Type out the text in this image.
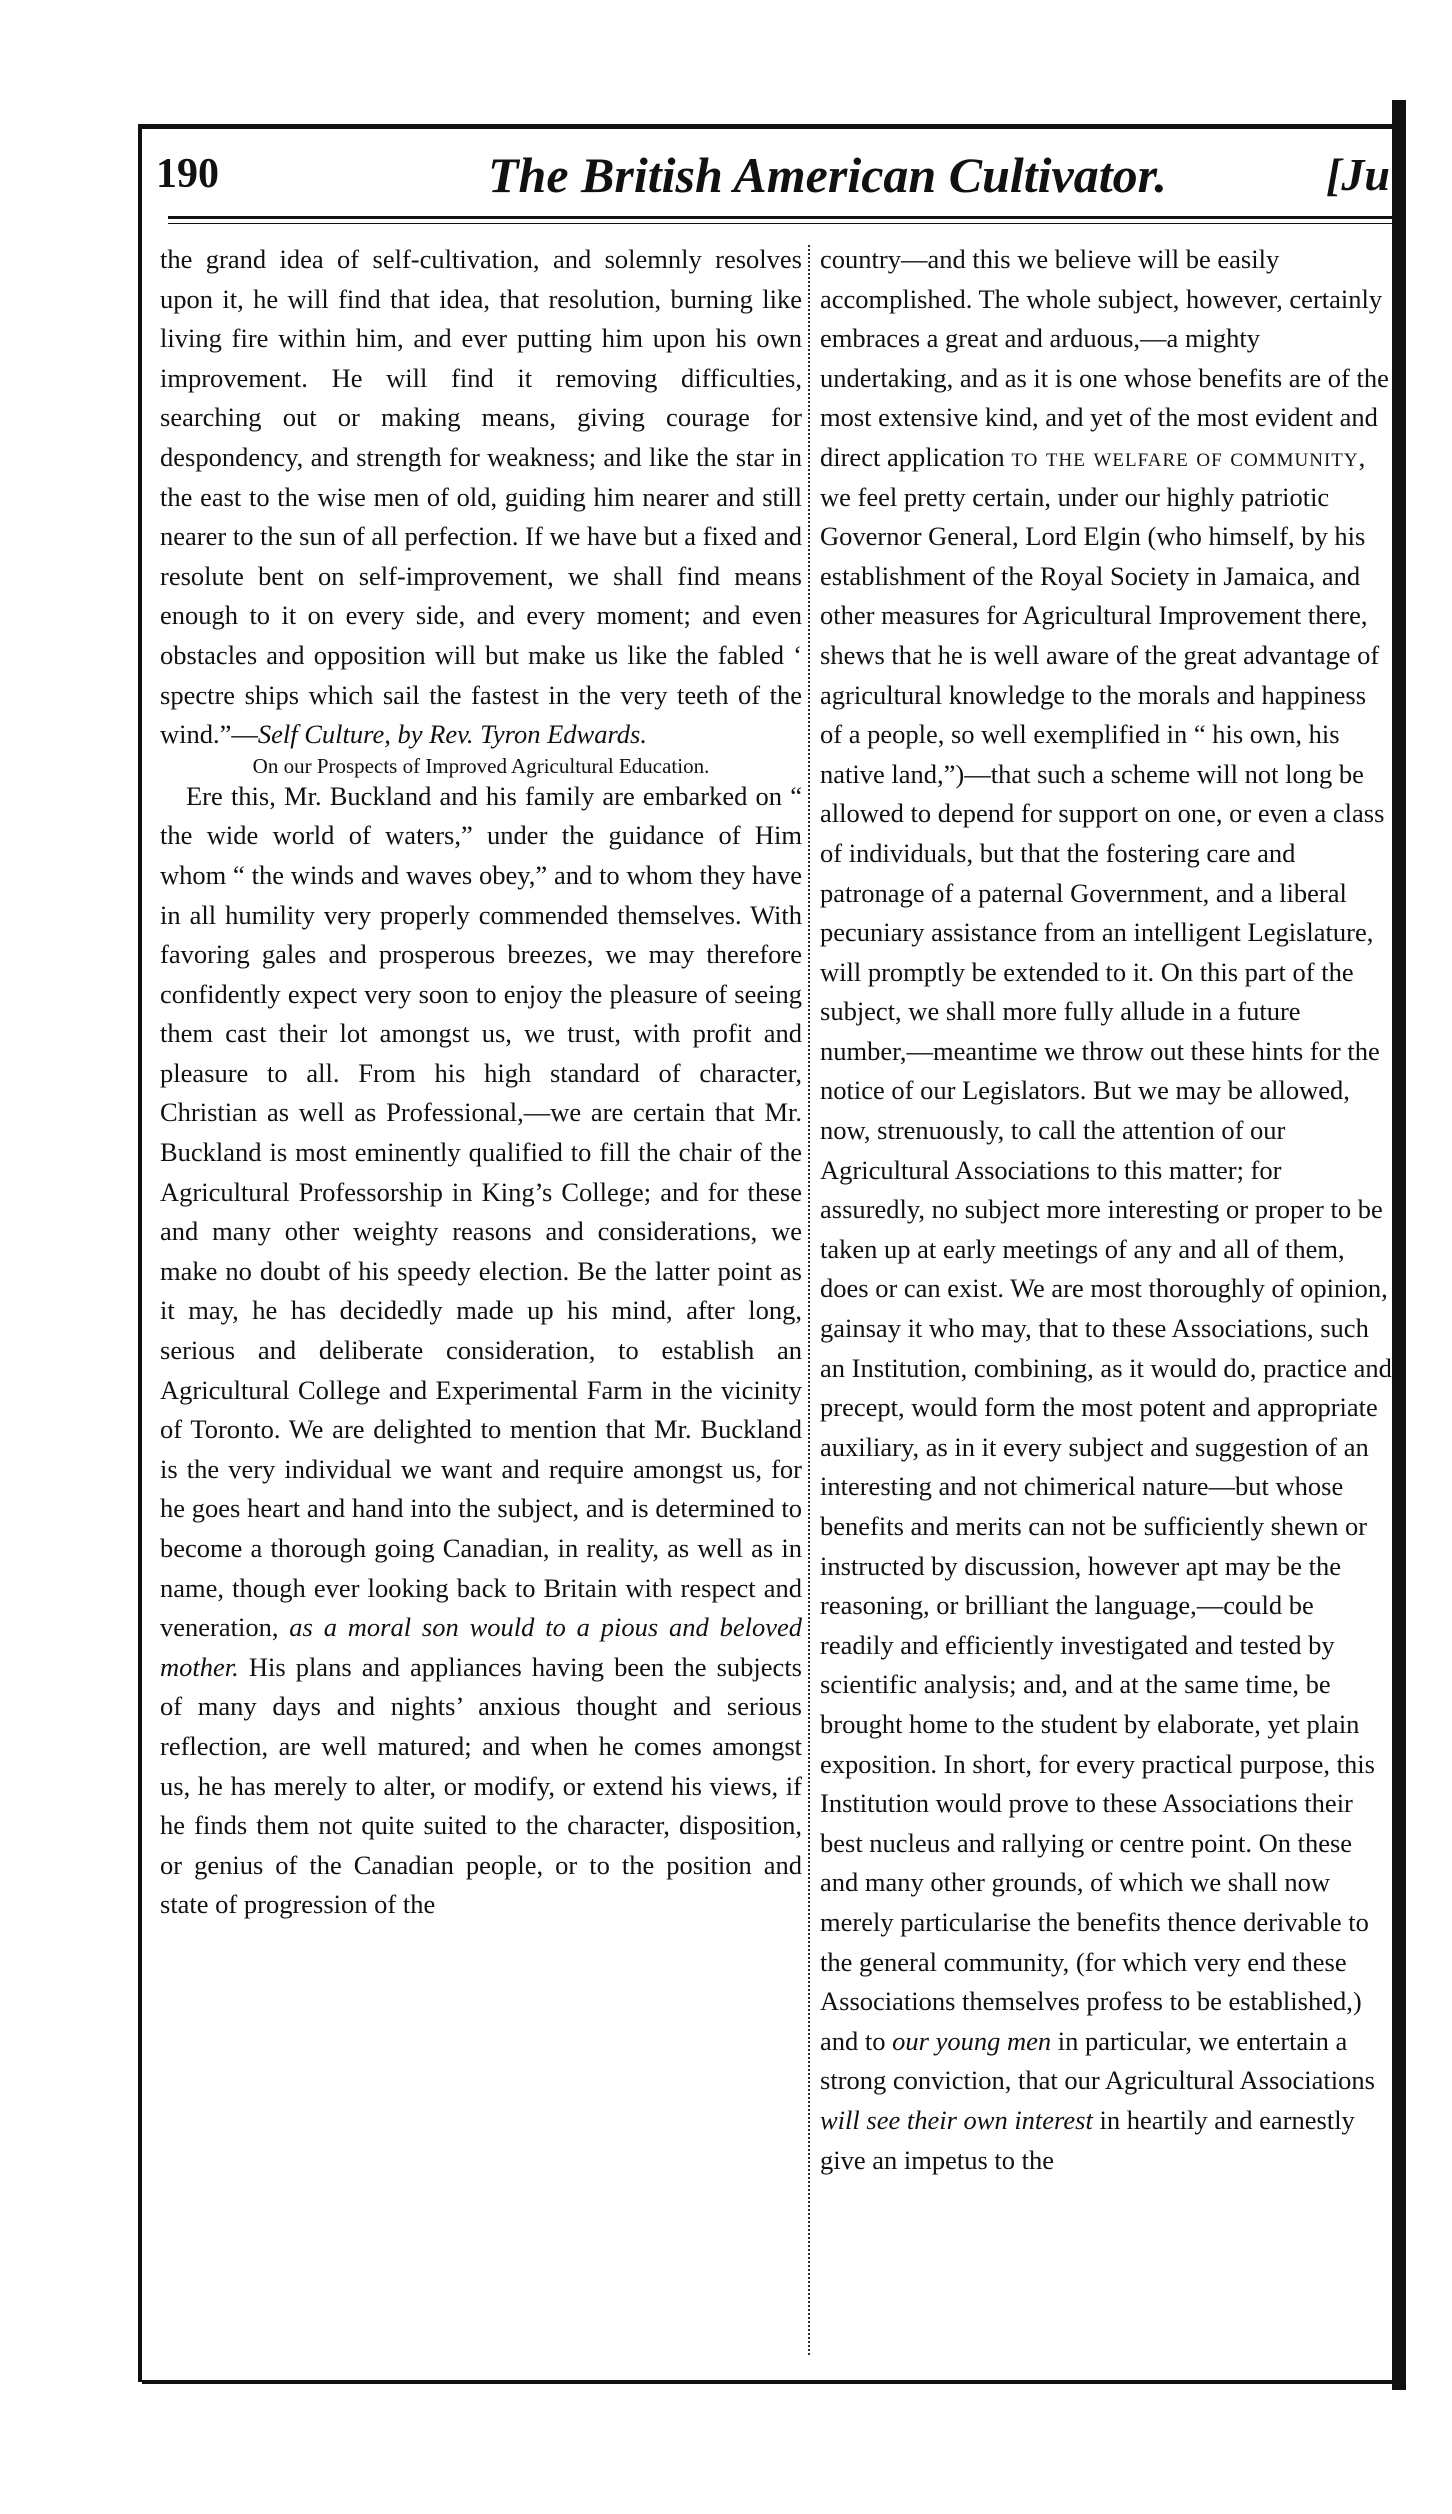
190	The British American Cultivator.	[Ju

the grand idea of self-cultivation, and solemnly resolves upon it, he will find that idea, that resolution, burning like living fire within him, and ever putting him upon his own improvement. He will find it removing difficulties, searching out or making means, giving courage for despondency, and strength for weakness; and like the star in the east to the wise men of old, guiding him nearer and still nearer to the sun of all perfection. If we have but a fixed and resolute bent on self-improvement, we shall find means enough to it on every side, and every moment; and even obstacles and opposition will but make us like the fabled ‘ spectre ships which sail the fastest in the very teeth of the wind.”—Self Culture, by Rev. Tyron Edwards.

On our Prospects of Improved Agricultural Education.

Ere this, Mr. Buckland and his family are embarked on “ the wide world of waters,” under the guidance of Him whom “ the winds and waves obey,” and to whom they have in all humility very properly commended themselves. With favoring gales and prosperous breezes, we may therefore confidently expect very soon to enjoy the pleasure of seeing them cast their lot amongst us, we trust, with profit and pleasure to all. From his high standard of character, Christian as well as Professional,—we are certain that Mr. Buckland is most eminently qualified to fill the chair of the Agricultural Professorship in King’s College; and for these and many other weighty reasons and considerations, we make no doubt of his speedy election. Be the latter point as it may, he has decidedly made up his mind, after long, serious and deliberate consideration, to establish an Agricultural College and Experimental Farm in the vicinity of Toronto. We are delighted to mention that Mr. Buckland is the very individual we want and require amongst us, for he goes heart and hand into the subject, and is determined to become a thorough going Canadian, in reality, as well as in name, though ever looking back to Britain with respect and veneration, as a moral son would to a pious and beloved mother. His plans and appliances having been the subjects of many days and nights’ anxious thought and serious reflection, are well matured; and when he comes amongst us, he has merely to alter, or modify, or extend his views, if he finds them not quite suited to the character, disposition, or genius of the Canadian people, or to the position and state of progression of the

country—and this we believe will be easily accomplished. The whole subject, however, certainly embraces a great and arduous,—a mighty undertaking, and as it is one whose benefits are of the most extensive kind, and yet of the most evident and direct application to the welfare of community, we feel pretty certain, under our highly patriotic Governor General, Lord Elgin (who himself, by his establishment of the Royal Society in Jamaica, and other measures for Agricultural Improvement there, shews that he is well aware of the great advantage of agricultural knowledge to the morals and happiness of a people, so well exemplified in “ his own, his native land,”)—that such a scheme will not long be allowed to depend for support on one, or even a class of individuals, but that the fostering care and patronage of a paternal Government, and a liberal pecuniary assistance from an intelligent Legislature, will promptly be extended to it. On this part of the subject, we shall more fully allude in a future number,—meantime we throw out these hints for the notice of our Legislators. But we may be allowed, now, strenuously, to call the attention of our Agricultural Associations to this matter; for assuredly, no subject more interesting or proper to be taken up at early meetings of any and all of them, does or can exist. We are most thoroughly of opinion, gainsay it who may, that to these Associations, such an Institution, combining, as it would do, practice and precept, would form the most potent and appropriate auxiliary, as in it every subject and suggestion of an interesting and not chimerical nature—but whose benefits and merits can not be sufficiently shewn or instructed by discussion, however apt may be the reasoning, or brilliant the language,—could be readily and efficiently investigated and tested by scientific analysis; and, and at the same time, be brought home to the student by elaborate, yet plain exposition. In short, for every practical purpose, this Institution would prove to these Associations their best nucleus and rallying or centre point. On these and many other grounds, of which we shall now merely particularise the benefits thence derivable to the general community, (for which very end these Associations themselves profess to be established,) and to our young men in particular, we entertain a strong conviction, that our Agricultural Associations will see their own interest in heartily and earnestly give an impetus to the
